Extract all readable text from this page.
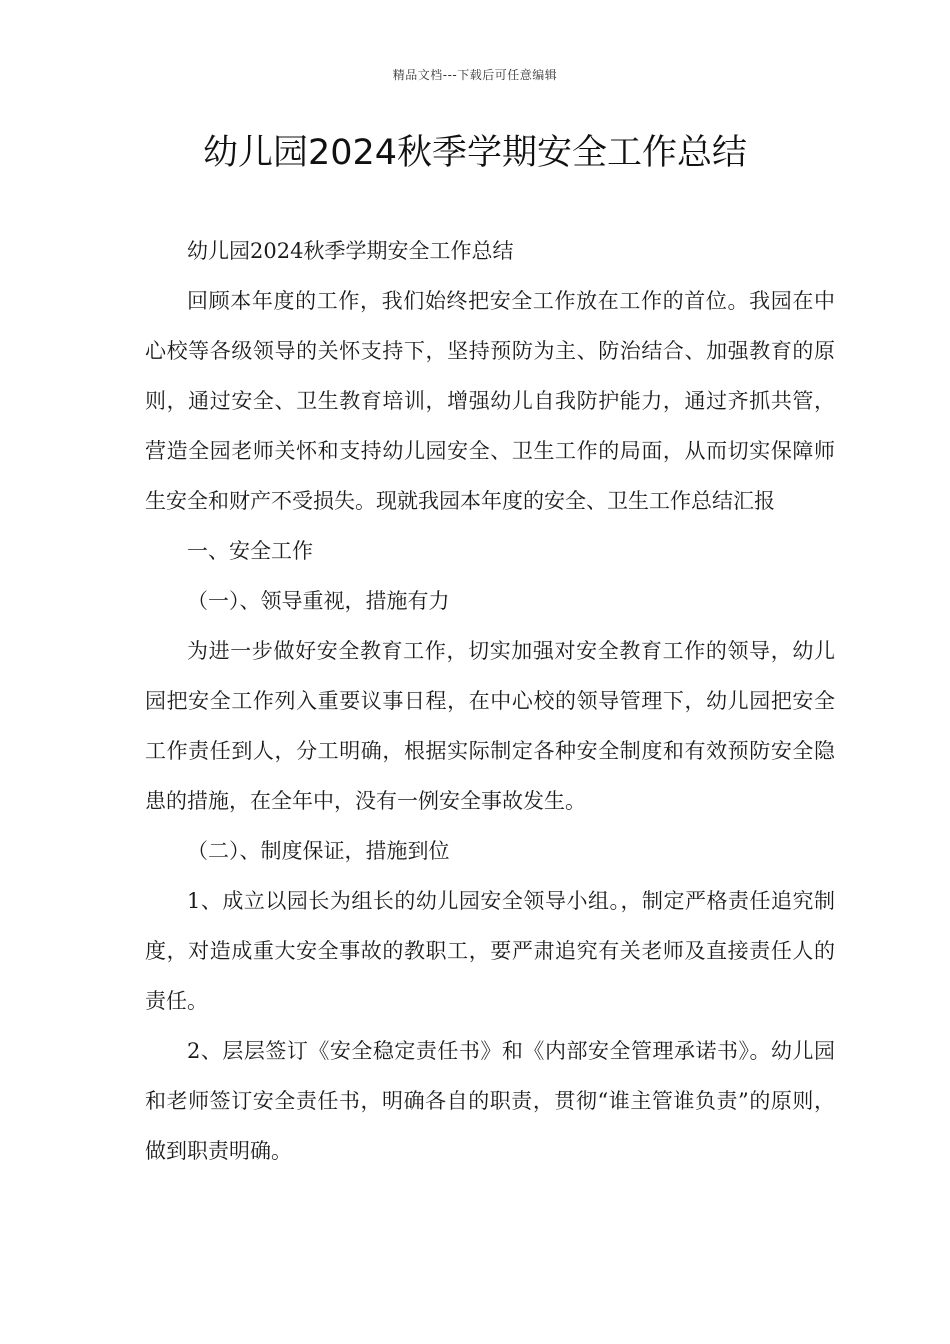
精品文档---下载后可任意编辑
幼儿园2024秋季学期安全工作总结

幼儿园2024秋季学期安全工作总结

回顾本年度的工作，我们始终把安全工作放在工作的首位。我园在中心校等各级领导的关怀支持下，坚持预防为主、防治结合、加强教育的原则，通过安全、卫生教育培训，增强幼儿自我防护能力，通过齐抓共管，营造全园老师关怀和支持幼儿园安全、卫生工作的局面，从而切实保障师生安全和财产不受损失。现就我园本年度的安全、卫生工作总结汇报

一、安全工作

（一）、领导重视，措施有力

为进一步做好安全教育工作，切实加强对安全教育工作的领导，幼儿园把安全工作列入重要议事日程，在中心校的领导管理下，幼儿园把安全工作责任到人，分工明确，根据实际制定各种安全制度和有效预防安全隐患的措施，在全年中，没有一例安全事故发生。

（二）、制度保证，措施到位

1、成立以园长为组长的幼儿园安全领导小组。，制定严格责任追究制度，对造成重大安全事故的教职工，要严肃追究有关老师及直接责任人的责任。

2、层层签订《安全稳定责任书》和《内部安全管理承诺书》。幼儿园和老师签订安全责任书，明确各自的职责，贯彻“谁主管谁负责”的原则，做到职责明确。
